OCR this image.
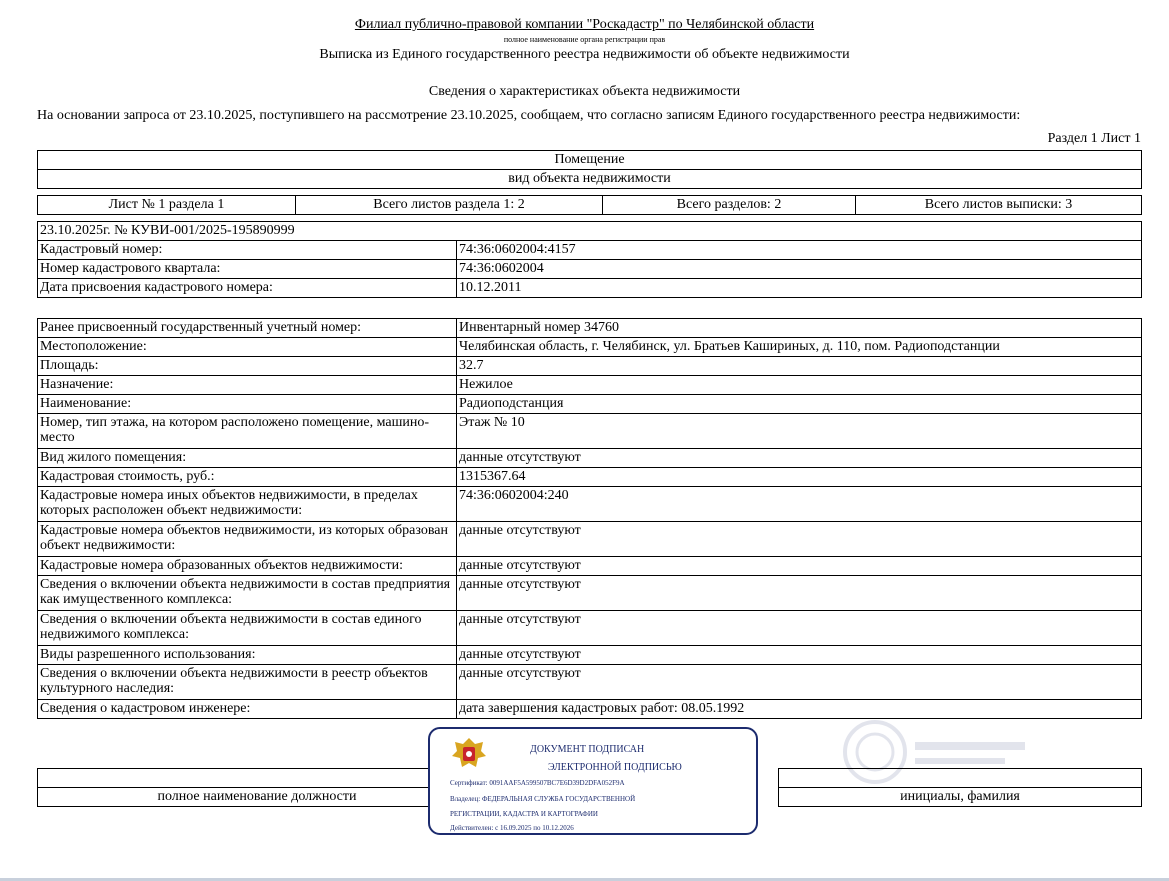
Филиал публично-правовой компании "Роскадастр" по Челябинской области
полное наименование органа регистрации прав
Выписка из Единого государственного реестра недвижимости об объекте недвижимости
Сведения о характеристиках объекта недвижимости
На основании запроса от 23.10.2025, поступившего на рассмотрение 23.10.2025, сообщаем, что согласно записям Единого государственного реестра недвижимости:
Раздел 1 Лист 1
Помещение
вид объекта недвижимости
Лист № 1 раздела 1	Всего листов раздела 1: 2	Всего разделов: 2	Всего листов выписки: 3
23.10.2025г. № КУВИ-001/2025-195890999	
Кадастровый номер:	74:36:0602004:4157
Номер кадастрового квартала:	74:36:0602004
Дата присвоения кадастрового номера:	10.12.2011
Ранее присвоенный государственный учетный номер:	Инвентарный номер 34760
Местоположение:	Челябинская область, г. Челябинск, ул. Братьев Кашириных, д. 110, пом. Радиоподстанции
Площадь:	32.7
Назначение:	Нежилое
Наименование:	Радиоподстанция
Номер, тип этажа, на котором расположено помещение, машино-место	Этаж № 10
Вид жилого помещения:	данные отсутствуют
Кадастровая стоимость, руб.:	1315367.64
Кадастровые номера иных объектов недвижимости, в пределах которых расположен объект недвижимости:	74:36:0602004:240
Кадастровые номера объектов недвижимости, из которых образован объект недвижимости:	данные отсутствуют
Кадастровые номера образованных объектов недвижимости:	данные отсутствуют
Сведения о включении объекта недвижимости в состав предприятия как имущественного комплекса:	данные отсутствуют
Сведения о включении объекта недвижимости в состав единого недвижимого комплекса:	данные отсутствуют
Виды разрешенного использования:	данные отсутствуют
Сведения о включении объекта недвижимости в реестр объектов культурного наследия:	данные отсутствуют
Сведения о кадастровом инженере:	дата завершения кадастровых работ: 08.05.1992

полное наименование должности		инициалы, фамилия
ДОКУМЕНТ ПОДПИСАН
ЭЛЕКТРОННОЙ ПОДПИСЬЮ
Сертификат: 0091AAF5A599507BC7E6D39D2DFA052F9A
Владелец: ФЕДЕРАЛЬНАЯ СЛУЖБА ГОСУДАРСТВЕННОЙ
РЕГИСТРАЦИИ, КАДАСТРА И КАРТОГРАФИИ
Действителен: с 16.09.2025 по 10.12.2026
